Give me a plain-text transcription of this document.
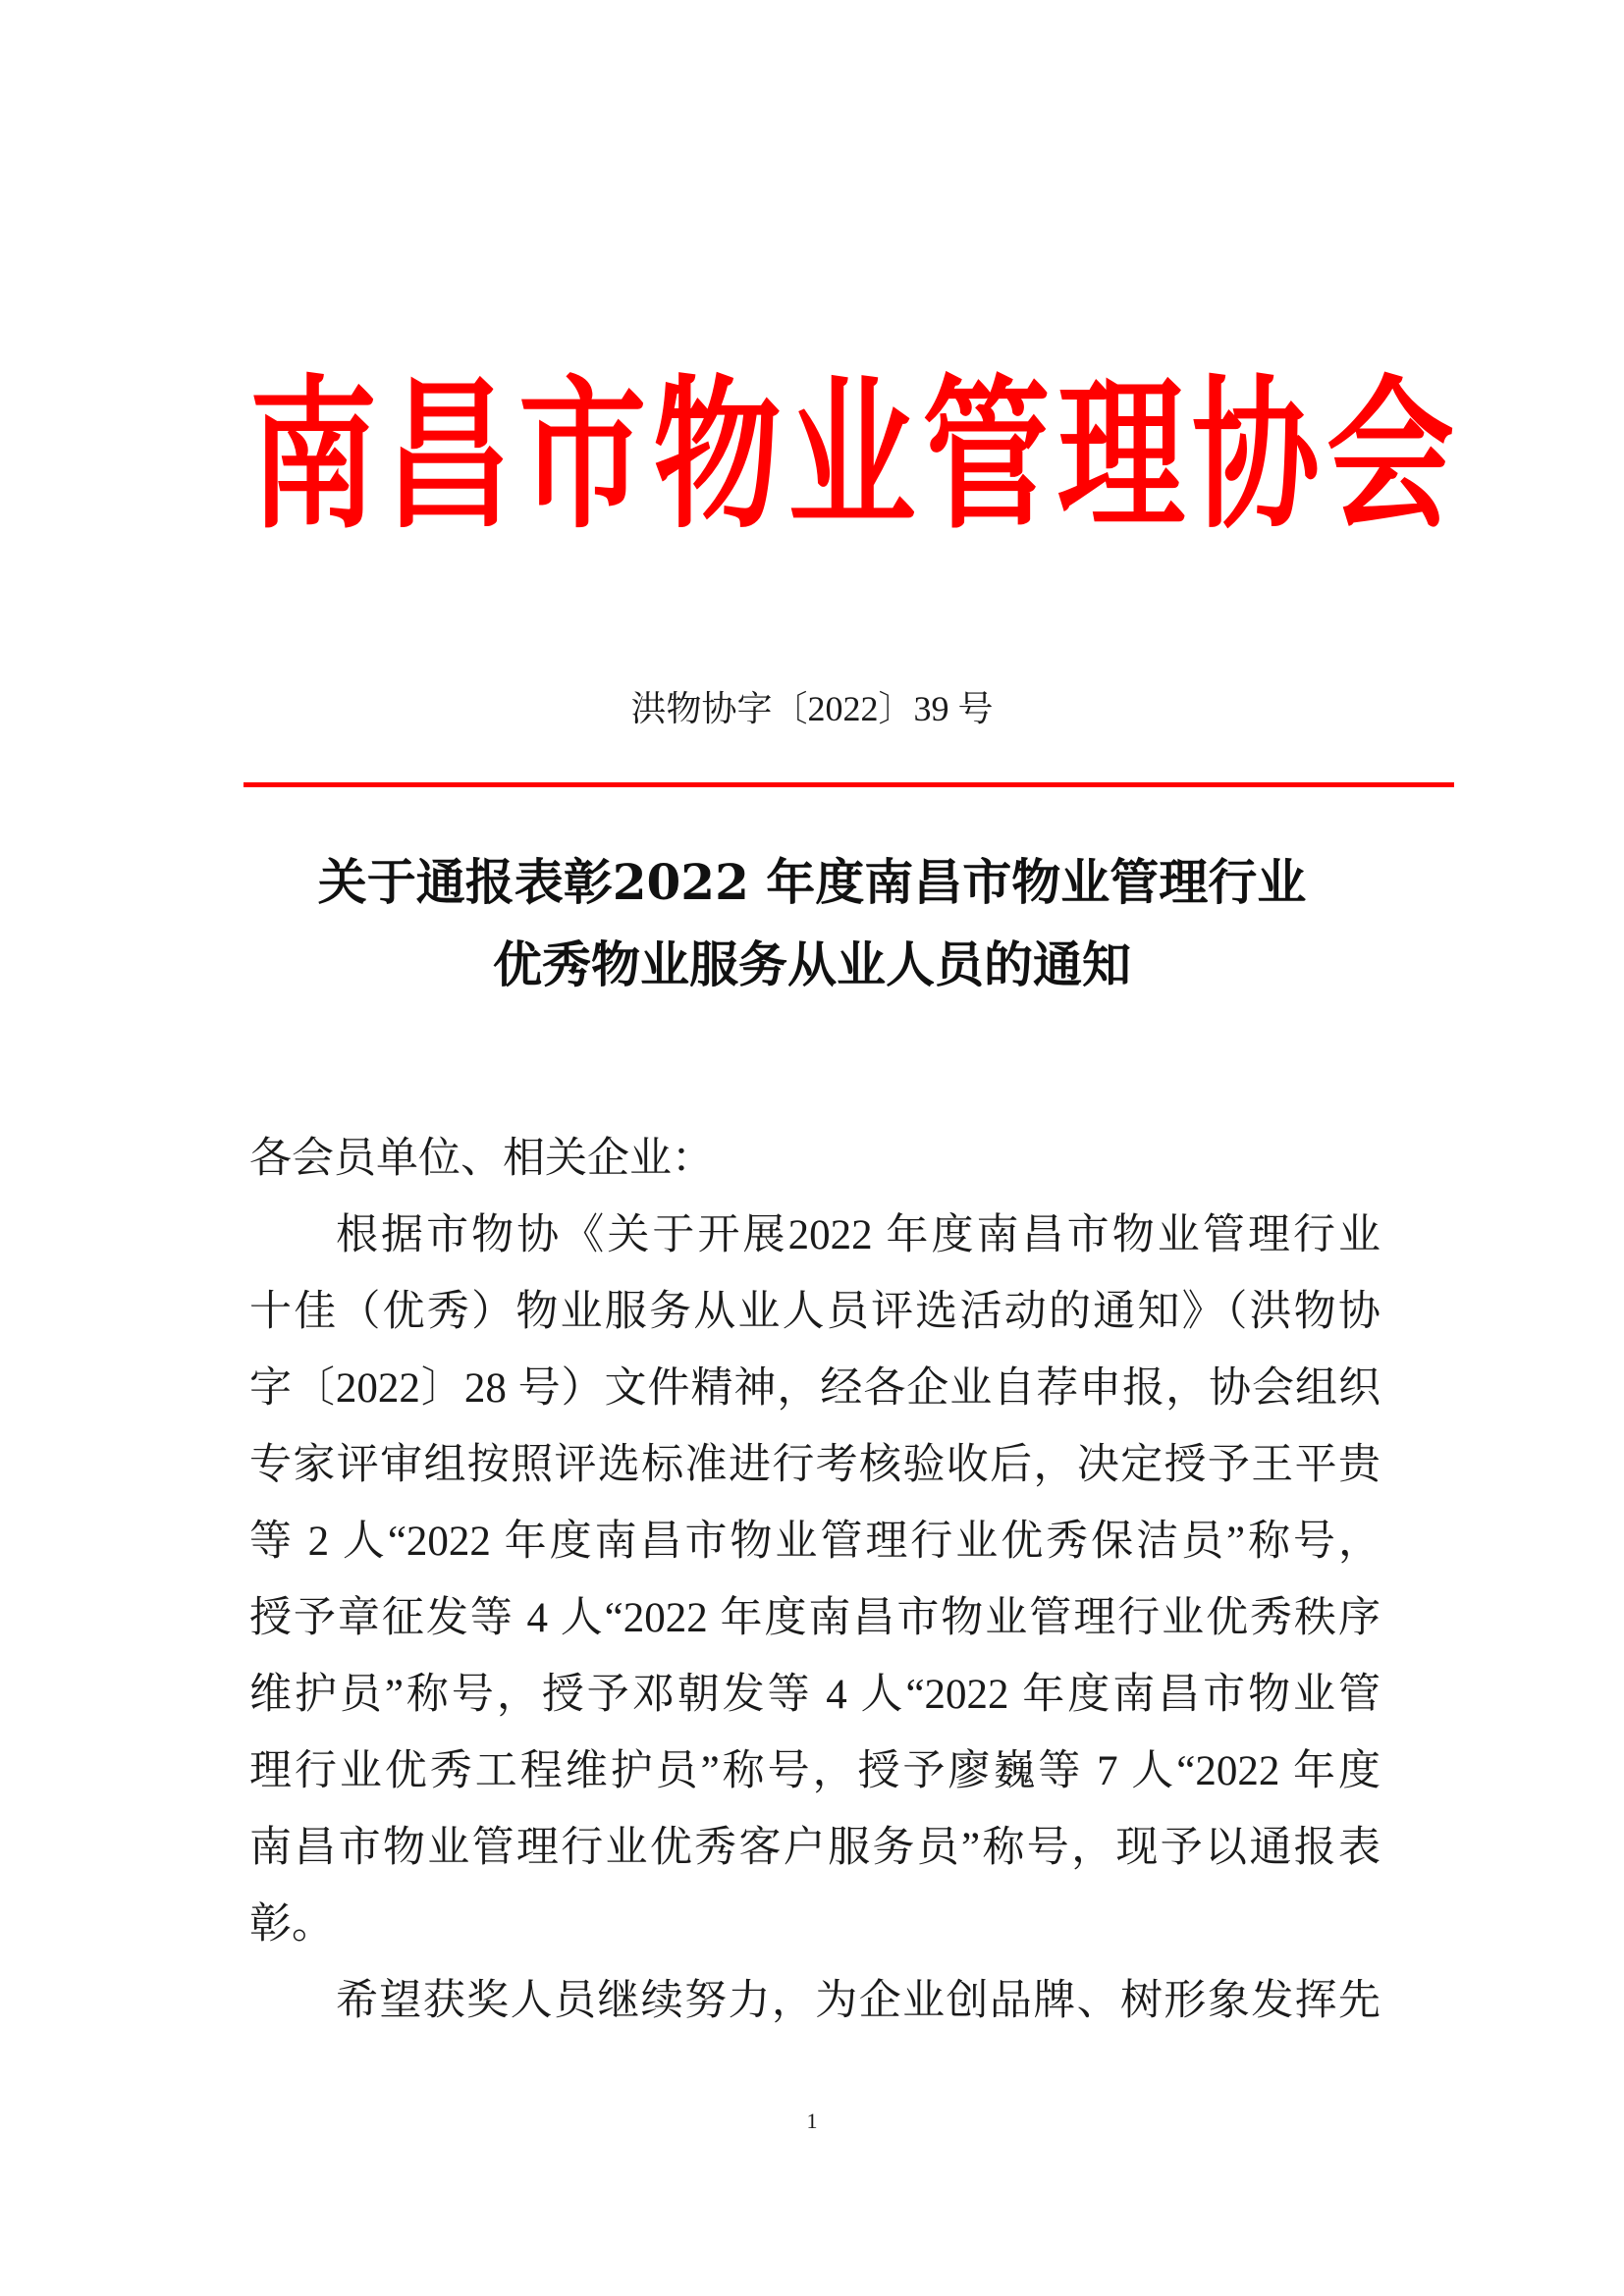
南昌市物业管理协会
洪物协字〔2022〕39 号
关于通报表彰2022 年度南昌市物业管理行业
优秀物业服务从业人员的通知
各会员单位、相关企业：
根据市物协《关于开展2022 年度南昌市物业管理行业
十佳（优秀）物业服务从业人员评选活动的通知》（洪物协
字〔2022〕28 号）文件精神，经各企业自荐申报，协会组织
专家评审组按照评选标准进行考核验收后，决定授予王平贵
等 2 人“2022 年度南昌市物业管理行业优秀保洁员”称号，
授予章征发等 4 人“2022 年度南昌市物业管理行业优秀秩序
维护员”称号，授予邓朝发等 4 人“2022 年度南昌市物业管
理行业优秀工程维护员”称号，授予廖巍等 7 人“2022 年度
南昌市物业管理行业优秀客户服务员”称号，现予以通报表
彰。
希望获奖人员继续努力，为企业创品牌、树形象发挥先
1
